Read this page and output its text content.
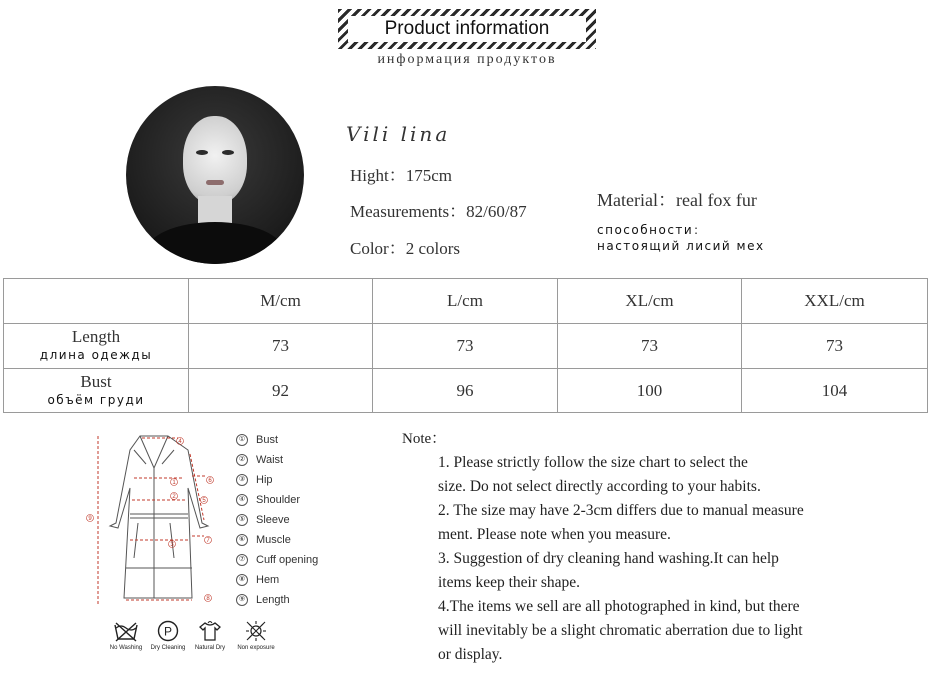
Product information
информация продуктов
Vili lina
Hight：175cm
Measurements：82/60/87
Color：2 colors
Material：real fox fur
способности：
настоящий лисий мех
	M/cm	L/cm	XL/cm	XXL/cm
Length
длина одежды	73	73	73	73
Bust
объём груди	92	96	100	104
4
1
2
3
6
5
7
8
9
① Bust
② Waist
③ Hip
④ Shoulder
⑤ Sleeve
⑥ Muscle
⑦ Cuff opening
⑧ Hem
⑨ Length
No Washing
P
Dry Cleaning	Natural Dry	Non exposure
Note：
1. Please strictly follow the size chart to select the
size. Do not select directly according to your habits.
2. The size may have 2-3cm differs due to manual measure
ment. Please note when you measure.
3. Suggestion of dry cleaning hand washing.It can help
items keep their shape.
4.The items we sell are all photographed in kind, but there
will inevitably be a slight chromatic aberration due to light
or display.
